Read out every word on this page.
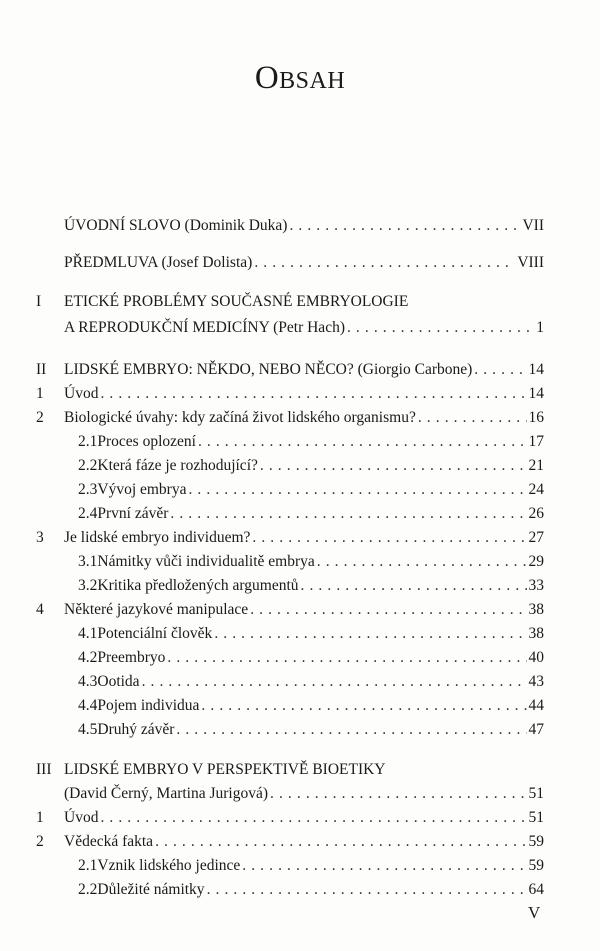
OBSAH
ÚVODNÍ SLOVO (Dominik Duka) . . .	VII
PŘEDMLUVA (Josef Dolista) . . .	VIII
I	ETICKÉ PROBLÉMY SOUČASNÉ EMBRYOLOGIE
A REPRODUKČNÍ MEDICÍNY (Petr Hach) . . .	1
II	LIDSKÉ EMBRYO: NĚKDO, NEBO NĚCO? (Giorgio Carbone) . . .	14
1	Úvod . . .	14
2	Biologické úvahy: kdy začíná život lidského organismu? . . .	16
2.1 Proces oplození . . .	17
2.2 Která fáze je rozhodující? . . .	21
2.3 Vývoj embrya . . .	24
2.4 První závěr . . .	26
3	Je lidské embryo individuem? . . .	27
3.1 Námitky vůči individualitě embrya . . .	29
3.2 Kritika předložených argumentů . . .	33
4	Některé jazykové manipulace . . .	38
4.1 Potenciální člověk . . .	38
4.2 Preembryo . . .	40
4.3 Ootida . . .	43
4.4 Pojem individua . . .	44
4.5 Druhý závěr . . .	47
III LIDSKÉ EMBRYO V PERSPEKTIVĚ BIOETIKY
(David Černý, Martina Jurigová) . . .	51
1	Úvod . . .	51
2	Vědecká fakta . . .	59
2.1 Vznik lidského jedince . . .	59
2.2 Důležité námitky . . .	64
V
